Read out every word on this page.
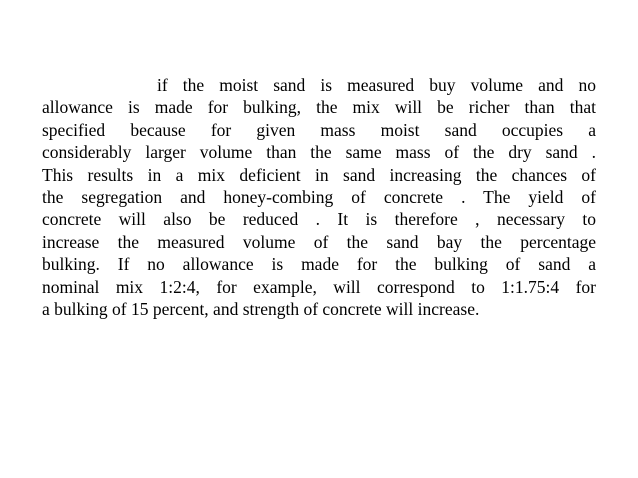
if the moist sand is measured buy volume and no
allowance is made for bulking, the mix will be richer than that
specified because for given mass moist sand occupies a
considerably larger volume than the same mass of the dry sand .
This results in a mix deficient in sand increasing the chances of
the segregation and honey-combing of concrete . The yield of
concrete will also be reduced . It is therefore , necessary to
increase the measured volume of the sand bay the percentage
bulking. If no allowance is made for the bulking of sand a
nominal mix 1:2:4, for example, will correspond to 1:1.75:4 for
a bulking of 15 percent, and strength of concrete will increase.
